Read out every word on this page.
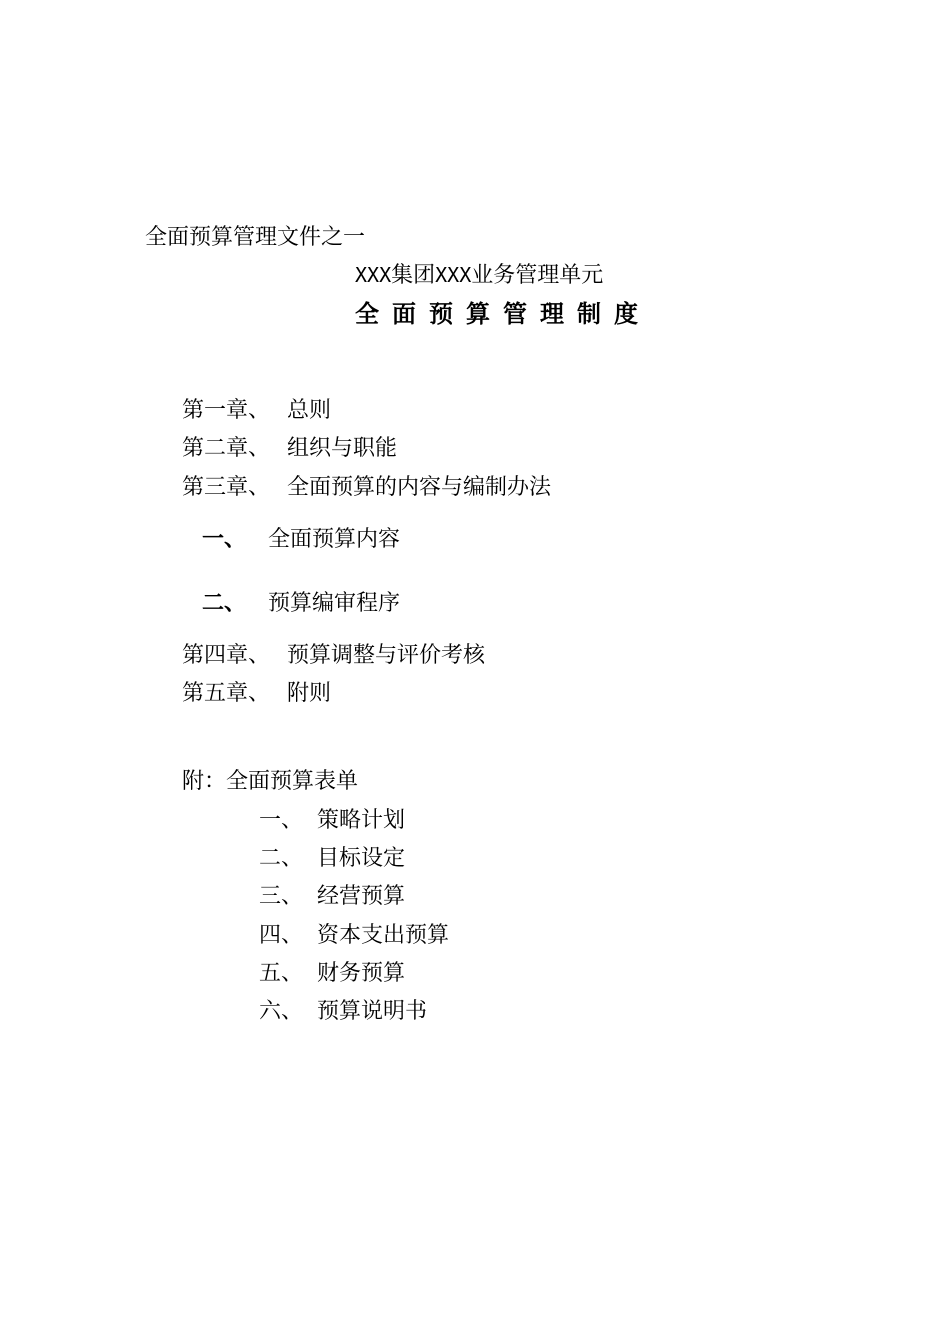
全面预算管理文件之一
XXX集团XXX业务管理单元
全面预算管理制度
第一章、 总则
第二章、 组织与职能
第三章、 全面预算的内容与编制办法
一、 全面预算内容
二、 预算编审程序
第四章、 预算调整与评价考核
第五章、 附则
附：全面预算表单
一、 策略计划
二、 目标设定
三、 经营预算
四、 资本支出预算
五、 财务预算
六、 预算说明书
